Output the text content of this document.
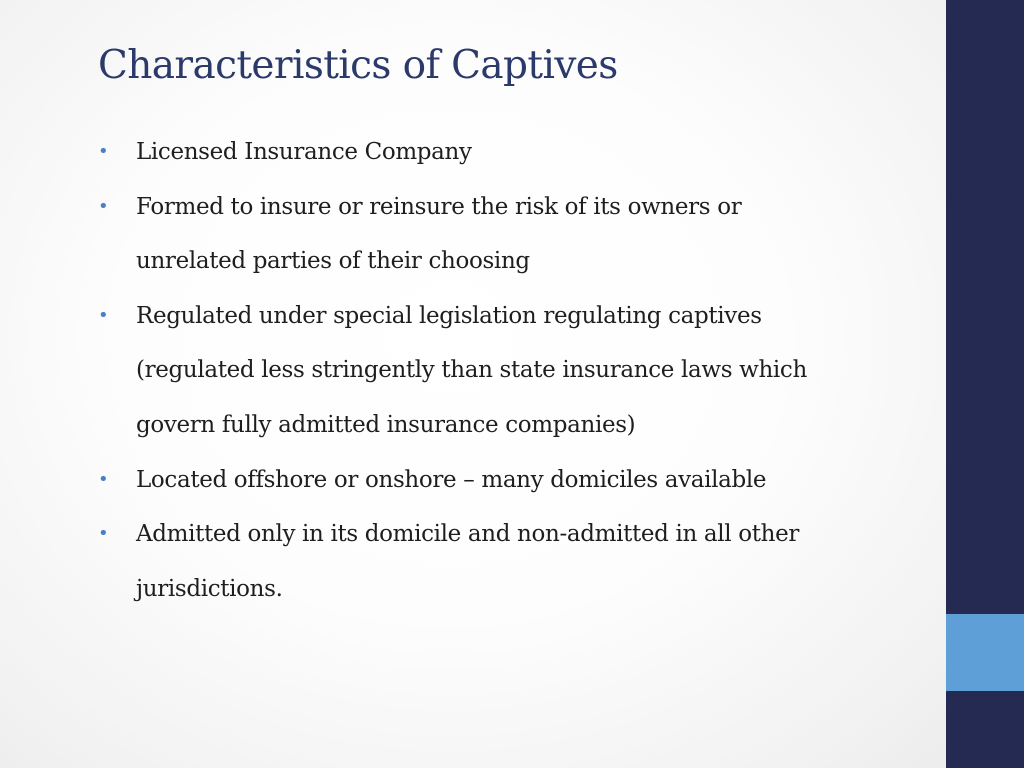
Characteristics of Captives
• Licensed Insurance Company
• Formed to insure or reinsure the risk of its owners or unrelated parties of their choosing
• Regulated under special legislation regulating captives (regulated less stringently than state insurance laws which govern fully admitted insurance companies)
• Located offshore or onshore – many domiciles available
• Admitted only in its domicile and non-admitted in all other jurisdictions.
